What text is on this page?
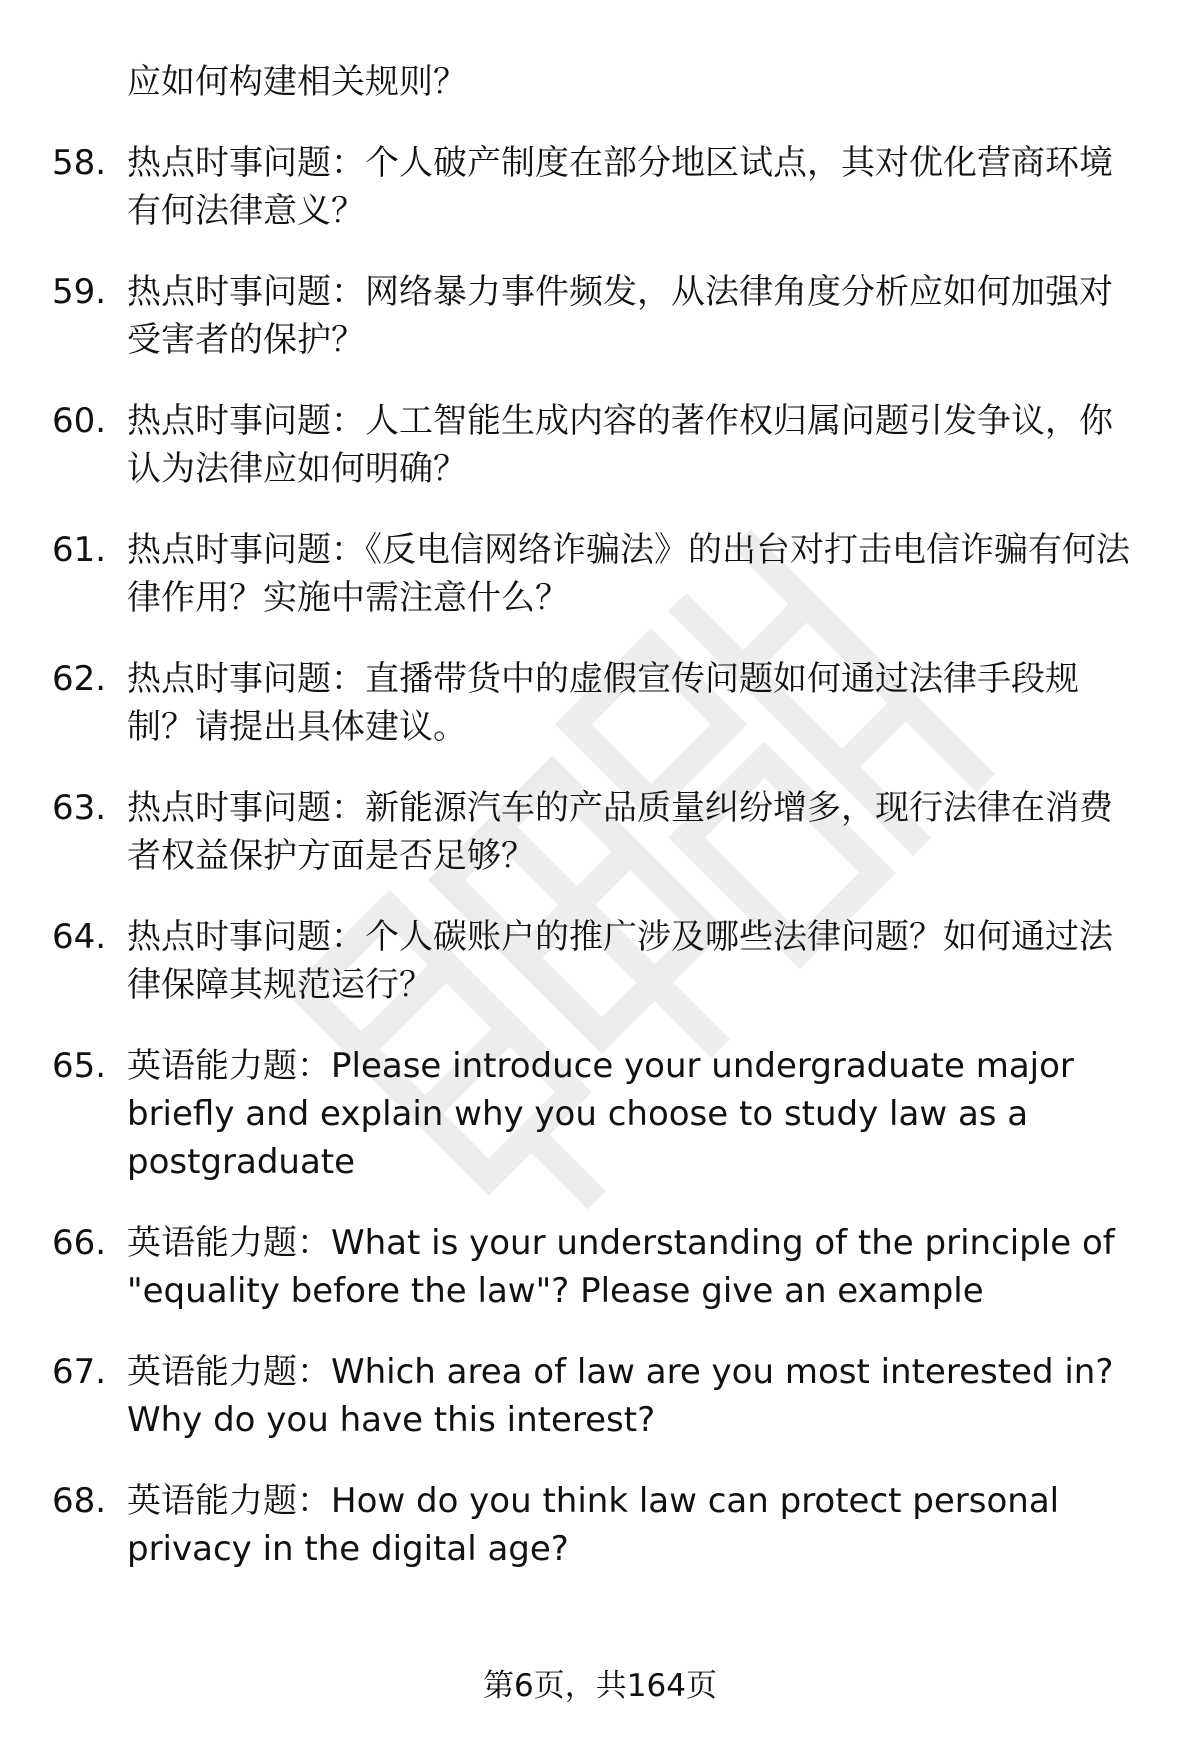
应如何构建相关规则？
58. 热点时事问题：个人破产制度在部分地区试点，其对优化营商环境有何法律意义？
59. 热点时事问题：网络暴力事件频发，从法律角度分析应如何加强对受害者的保护？
60. 热点时事问题：人工智能生成内容的著作权归属问题引发争议，你认为法律应如何明确？
61. 热点时事问题：《反电信网络诈骗法》的出台对打击电信诈骗有何法律作用？实施中需注意什么？
62. 热点时事问题：直播带货中的虚假宣传问题如何通过法律手段规制？请提出具体建议。
63. 热点时事问题：新能源汽车的产品质量纠纷增多，现行法律在消费者权益保护方面是否足够？
64. 热点时事问题：个人碳账户的推广涉及哪些法律问题？如何通过法律保障其规范运行？
65. 英语能力题：Please introduce your undergraduate major briefly and explain why you choose to study law as a postgraduate
66. 英语能力题：What is your understanding of the principle of "equality before the law"? Please give an example
67. 英语能力题：Which area of law are you most interested in? Why do you have this interest?
68. 英语能力题：How do you think law can protect personal privacy in the digital age?
第6页，共164页
